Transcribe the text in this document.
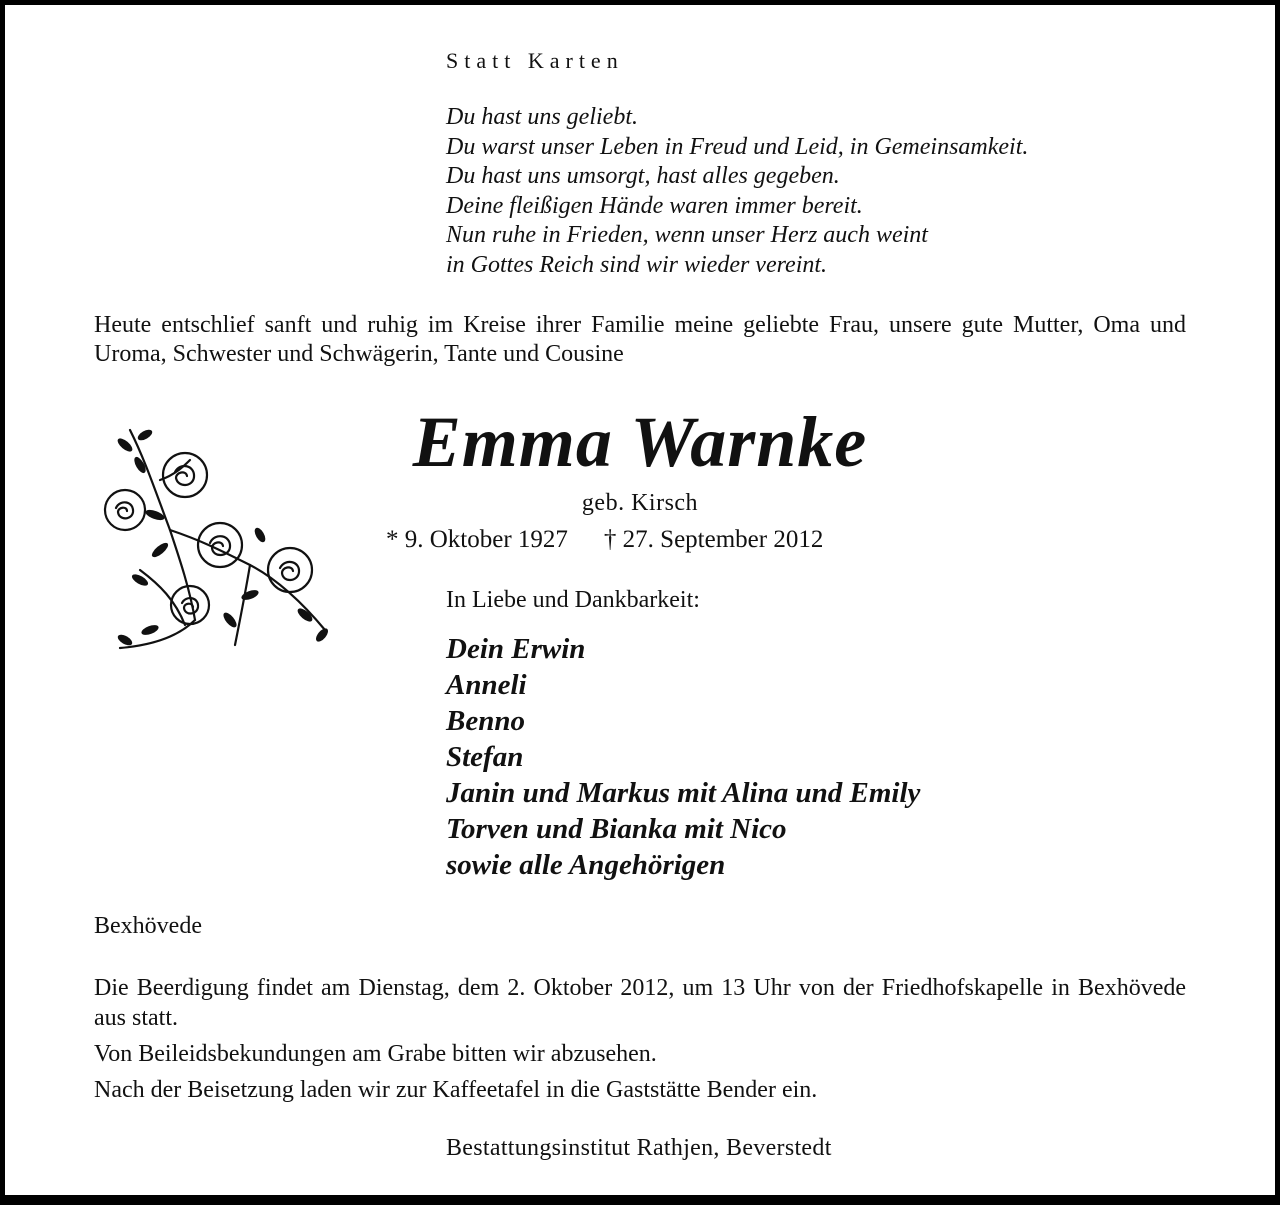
Statt Karten
Du hast uns geliebt.
Du warst unser Leben in Freud und Leid, in Gemeinsamkeit.
Du hast uns umsorgt, hast alles gegeben.
Deine fleißigen Hände waren immer bereit.
Nun ruhe in Frieden, wenn unser Herz auch weint
in Gottes Reich sind wir wieder vereint.
Heute entschlief sanft und ruhig im Kreise ihrer Familie meine geliebte Frau, unsere gute Mutter, Oma und Uroma, Schwester und Schwägerin, Tante und Cousine
Emma Warnke
geb. Kirsch
* 9. Oktober 1927 † 27. September 2012
In Liebe und Dankbarkeit:
Dein Erwin
Anneli
Benno
Stefan
Janin und Markus mit Alina und Emily
Torven und Bianka mit Nico
sowie alle Angehörigen
Bexhövede

Die Beerdigung findet am Dienstag, dem 2. Oktober 2012, um 13 Uhr von der Friedhofskapelle in Bexhövede aus statt.

Von Beileidsbekundungen am Grabe bitten wir abzusehen.

Nach der Beisetzung laden wir zur Kaffeetafel in die Gaststätte Bender ein.

Bestattungsinstitut Rathjen, Beverstedt
